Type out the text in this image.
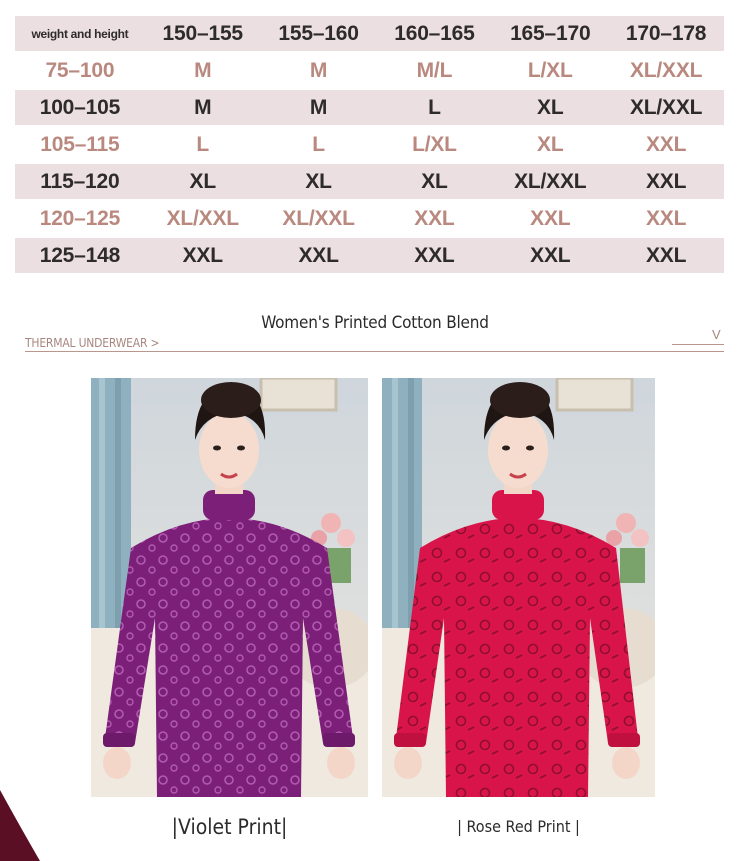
weight and height	150–155	155–160	160–165	165–170	170–178
75–100	M	M	M/L	L/XL	XL/XXL
100–105	M	M	L	XL	XL/XXL
105–115	L	L	L/XL	XL	XXL
115–120	XL	XL	XL	XL/XXL	XXL
120–125	XL/XXL	XL/XXL	XXL	XXL	XXL
125–148	XXL	XXL	XXL	XXL	XXL
Women's Printed Cotton Blend
THERMAL UNDERWEAR >
V
|Violet Print|	| Rose Red Print |
